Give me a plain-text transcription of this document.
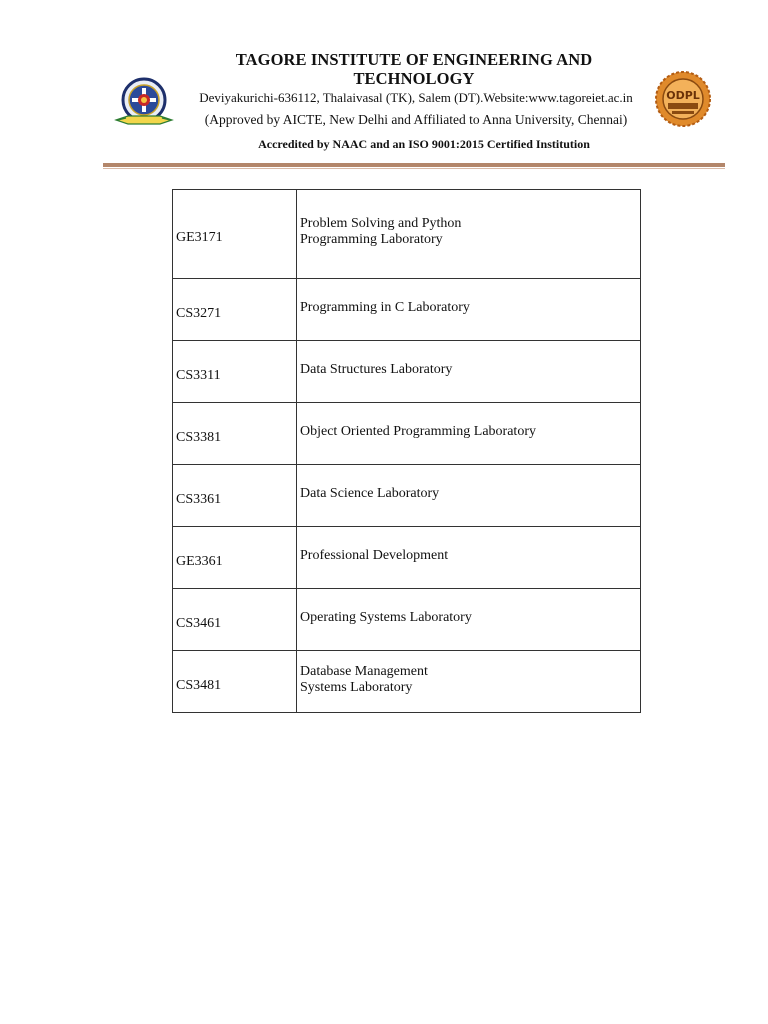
TAGORE INSTITUTE OF ENGINEERING AND TECHNOLOGY
Deviyakurichi-636112, Thalaivasal (TK), Salem (DT).Website:www.tagoreiet.ac.in
(Approved by AICTE, New Delhi and Affiliated to Anna University, Chennai)
Accredited by NAAC and an ISO 9001:2015 Certified Institution
ODPL
GE3171	Problem Solving and Python
Programming Laboratory
CS3271	Programming in C Laboratory
CS3311	Data Structures Laboratory
CS3381	Object Oriented Programming Laboratory
CS3361	Data Science Laboratory
GE3361	Professional Development
CS3461	Operating Systems Laboratory
CS3481	Database Management
Systems Laboratory
